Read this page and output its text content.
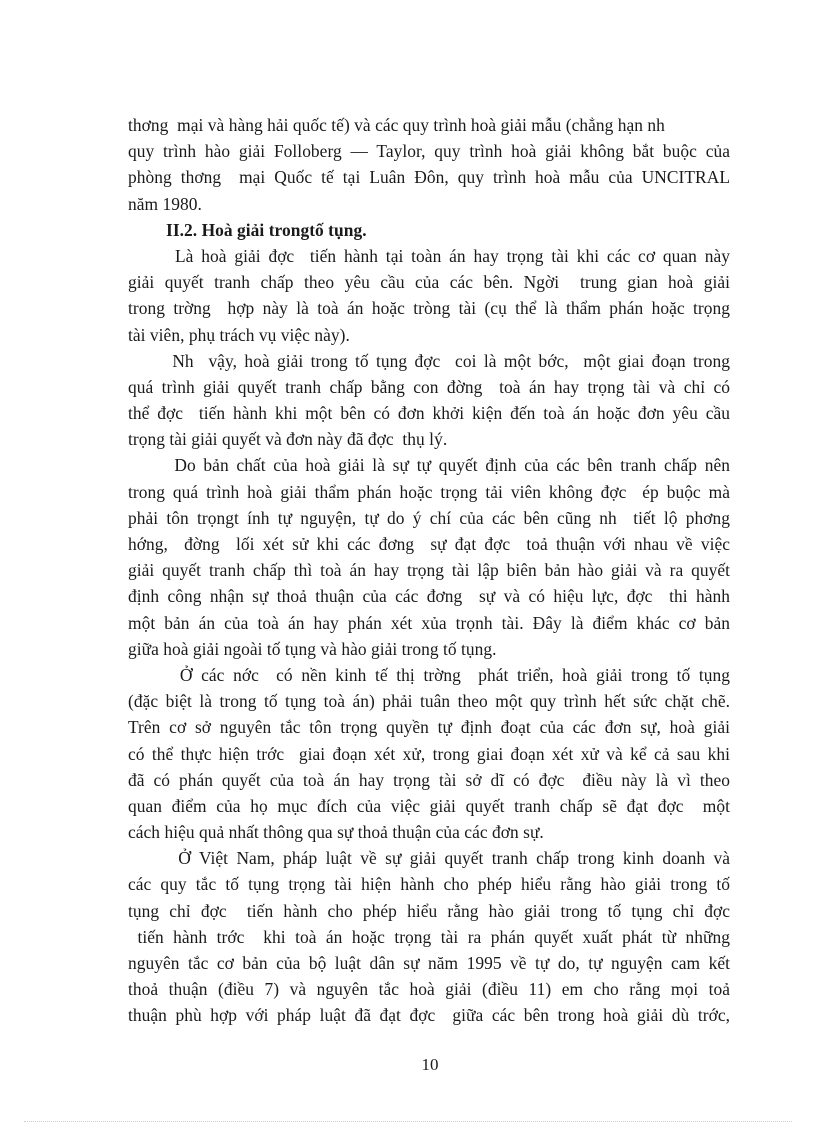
thơng  mại và hàng hải quốc tế) và các quy trình hoà giải mẫu (chẳng hạn nh
quy trình hào giải Folloberg — Taylor, quy trình hoà giải không bắt buộc của
phòng thơng  mại Quốc tế tại Luân Đôn, quy trình hoà mẫu của UNCITRAL
năm 1980.
II.2. Hoà giải trongtố tụng.
Là hoà giải đợc  tiến hành tại toàn án hay trọng tài khi các cơ quan này
giải quyết tranh chấp theo yêu cầu của các bên. Ngời  trung gian hoà giải
trong trờng  hợp này là toà án hoặc tròng tài (cụ thể là thẩm phán hoặc trọng
tài viên, phụ trách vụ việc này).
Nh  vậy, hoà giải trong tố tụng đợc  coi là một bớc,  một giai đoạn trong
quá trình giải quyết tranh chấp bằng con đờng  toà án hay trọng tài và chỉ có
thể đợc  tiến hành khi một bên có đơn khởi kiện đến toà án hoặc đơn yêu cầu
trọng tài giải quyết và đơn này đã đợc  thụ lý.
Do bản chất của hoà giải là sự tự quyết định của các bên tranh chấp nên
trong quá trình hoà giải thẩm phán hoặc trọng tải viên không đợc  ép buộc mà
phải tôn trọngt ính tự nguyện, tự do ý chí của các bên cũng nh  tiết lộ phơng
hớng,  đờng  lối xét sử khi các đơng  sự đạt đợc  toả thuận với nhau về việc
giải quyết tranh chấp thì toà án hay trọng tài lập biên bản hào giải và ra quyết
định công nhận sự thoả thuận của các đơng  sự và có hiệu lực, đợc  thi hành
một bản án của toà án hay phán xét xủa trọnh tài. Đây là điểm khác cơ bản
giữa hoà giải ngoài tố tụng và hào giải trong tố tụng.
Ở các nớc  có nền kinh tế thị trờng  phát triển, hoà giải trong tố tụng
(đặc biệt là trong tố tụng toà án) phải tuân theo một quy trình hết sức chặt chẽ.
Trên cơ sở nguyên tắc tôn trọng quyền tự định đoạt của các đơn sự, hoà giải
có thể thực hiện trớc  giai đoạn xét xử, trong giai đoạn xét xử và kể cả sau khi
đã có phán quyết của toà án hay trọng tài sở dĩ có đợc  điều này là vì theo
quan điểm của họ mục đích của việc giải quyết tranh chấp sẽ đạt đợc  một
cách hiệu quả nhất thông qua sự thoả thuận của các đơn sự.
Ở Việt Nam, pháp luật về sự giải quyết tranh chấp trong kinh doanh và
các quy tắc tố tụng trọng tài hiện hành cho phép hiểu rằng hào giải trong tố
tụng chỉ đợc  tiến hành cho phép hiểu rằng hào giải trong tố tụng chỉ đợc
tiến hành trớc  khi toà án hoặc trọng tài ra phán quyết xuất phát từ những
nguyên tắc cơ bản của bộ luật dân sự năm 1995 về tự do, tự nguyện cam kết
thoả thuận (điều 7) và nguyên tắc hoà giải (điều 11) em cho rằng mọi toả
thuận phù hợp với pháp luật đã đạt đợc  giữa các bên trong hoà giải dù trớc,
10
